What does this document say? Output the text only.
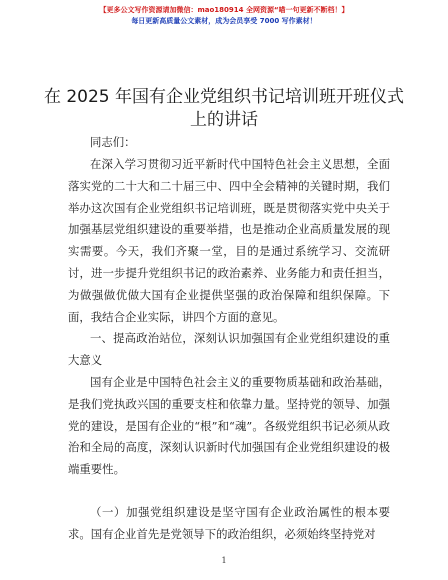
【更多公文写作资源请加微信：mao180914 全网资源“喵一句更新不断档！】
每日更新高质量公文素材，成为会员享受 7000 写作素材！
在 2025 年国有企业党组织书记培训班开班仪式上的讲话
同志们：
在深入学习贯彻习近平新时代中国特色社会主义思想，全面落实党的二十大和二十届三中、四中全会精神的关键时期，我们举办这次国有企业党组织书记培训班，既是贯彻落实党中央关于加强基层党组织建设的重要举措，也是推动企业高质量发展的现实需要。今天，我们齐聚一堂，目的是通过系统学习、交流研讨，进一步提升党组织书记的政治素养、业务能力和责任担当，为做强做优做大国有企业提供坚强的政治保障和组织保障。下面，我结合企业实际，讲四个方面的意见。
一、提高政治站位，深刻认识加强国有企业党组织建设的重大意义
国有企业是中国特色社会主义的重要物质基础和政治基础，是我们党执政兴国的重要支柱和依靠力量。坚持党的领导、加强党的建设，是国有企业的“根”和“魂”。各级党组织书记必须从政治和全局的高度，深刻认识新时代加强国有企业党组织建设的极端重要性。
（一）加强党组织建设是坚守国有企业政治属性的根本要求。国有企业首先是党领导下的政治组织，必须始终坚持党对
1
